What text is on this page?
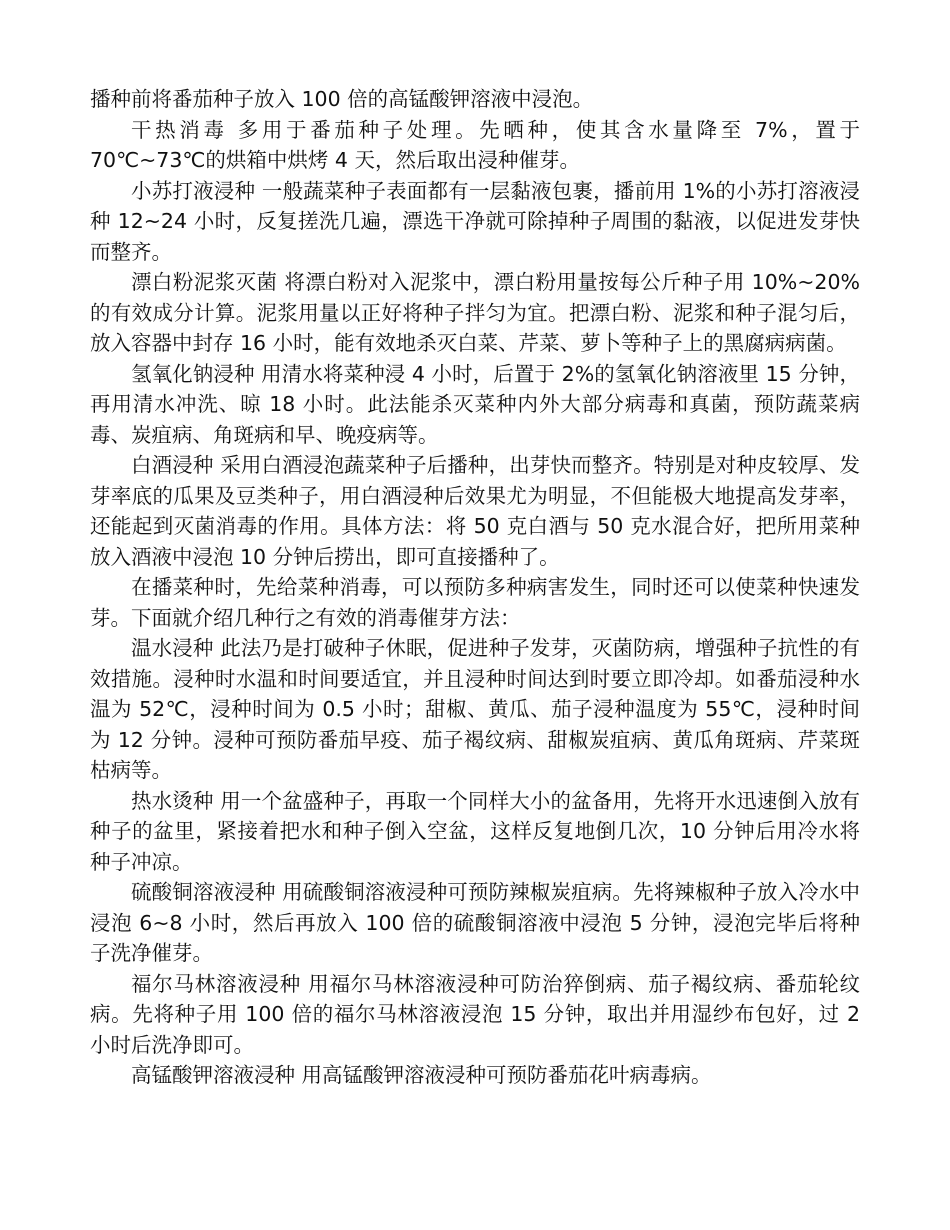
播种前将番茄种子放入 100 倍的高锰酸钾溶液中浸泡。

干热消毒 多用于番茄种子处理。先晒种，使其含水量降至 7%，置于 70℃~73℃的烘箱中烘烤 4 天，然后取出浸种催芽。

小苏打液浸种 一般蔬菜种子表面都有一层黏液包裹，播前用 1%的小苏打溶液浸种 12~24 小时，反复搓洗几遍，漂选干净就可除掉种子周围的黏液，以促进发芽快而整齐。

漂白粉泥浆灭菌 将漂白粉对入泥浆中，漂白粉用量按每公斤种子用 10%~20%的有效成分计算。泥浆用量以正好将种子拌匀为宜。把漂白粉、泥浆和种子混匀后，放入容器中封存 16 小时，能有效地杀灭白菜、芹菜、萝卜等种子上的黑腐病病菌。

氢氧化钠浸种 用清水将菜种浸 4 小时，后置于 2%的氢氧化钠溶液里 15 分钟，再用清水冲洗、晾 18 小时。此法能杀灭菜种内外大部分病毒和真菌，预防蔬菜病毒、炭疽病、角斑病和早、晚疫病等。

白酒浸种 采用白酒浸泡蔬菜种子后播种，出芽快而整齐。特别是对种皮较厚、发芽率底的瓜果及豆类种子，用白酒浸种后效果尤为明显，不但能极大地提高发芽率，还能起到灭菌消毒的作用。具体方法：将 50 克白酒与 50 克水混合好，把所用菜种放入酒液中浸泡 10 分钟后捞出，即可直接播种了。

在播菜种时，先给菜种消毒，可以预防多种病害发生，同时还可以使菜种快速发芽。下面就介绍几种行之有效的消毒催芽方法：

温水浸种 此法乃是打破种子休眠，促进种子发芽，灭菌防病，增强种子抗性的有效措施。浸种时水温和时间要适宜，并且浸种时间达到时要立即冷却。如番茄浸种水温为 52℃，浸种时间为 0.5 小时；甜椒、黄瓜、茄子浸种温度为 55℃，浸种时间为 12 分钟。浸种可预防番茄早疫、茄子褐纹病、甜椒炭疽病、黄瓜角斑病、芹菜斑枯病等。

热水烫种 用一个盆盛种子，再取一个同样大小的盆备用，先将开水迅速倒入放有种子的盆里，紧接着把水和种子倒入空盆，这样反复地倒几次，10 分钟后用冷水将种子冲凉。

硫酸铜溶液浸种 用硫酸铜溶液浸种可预防辣椒炭疽病。先将辣椒种子放入冷水中浸泡 6~8 小时，然后再放入 100 倍的硫酸铜溶液中浸泡 5 分钟，浸泡完毕后将种子洗净催芽。

福尔马林溶液浸种 用福尔马林溶液浸种可防治猝倒病、茄子褐纹病、番茄轮纹病。先将种子用 100 倍的福尔马林溶液浸泡 15 分钟，取出并用湿纱布包好，过 2 小时后洗净即可。

高锰酸钾溶液浸种 用高锰酸钾溶液浸种可预防番茄花叶病毒病。
